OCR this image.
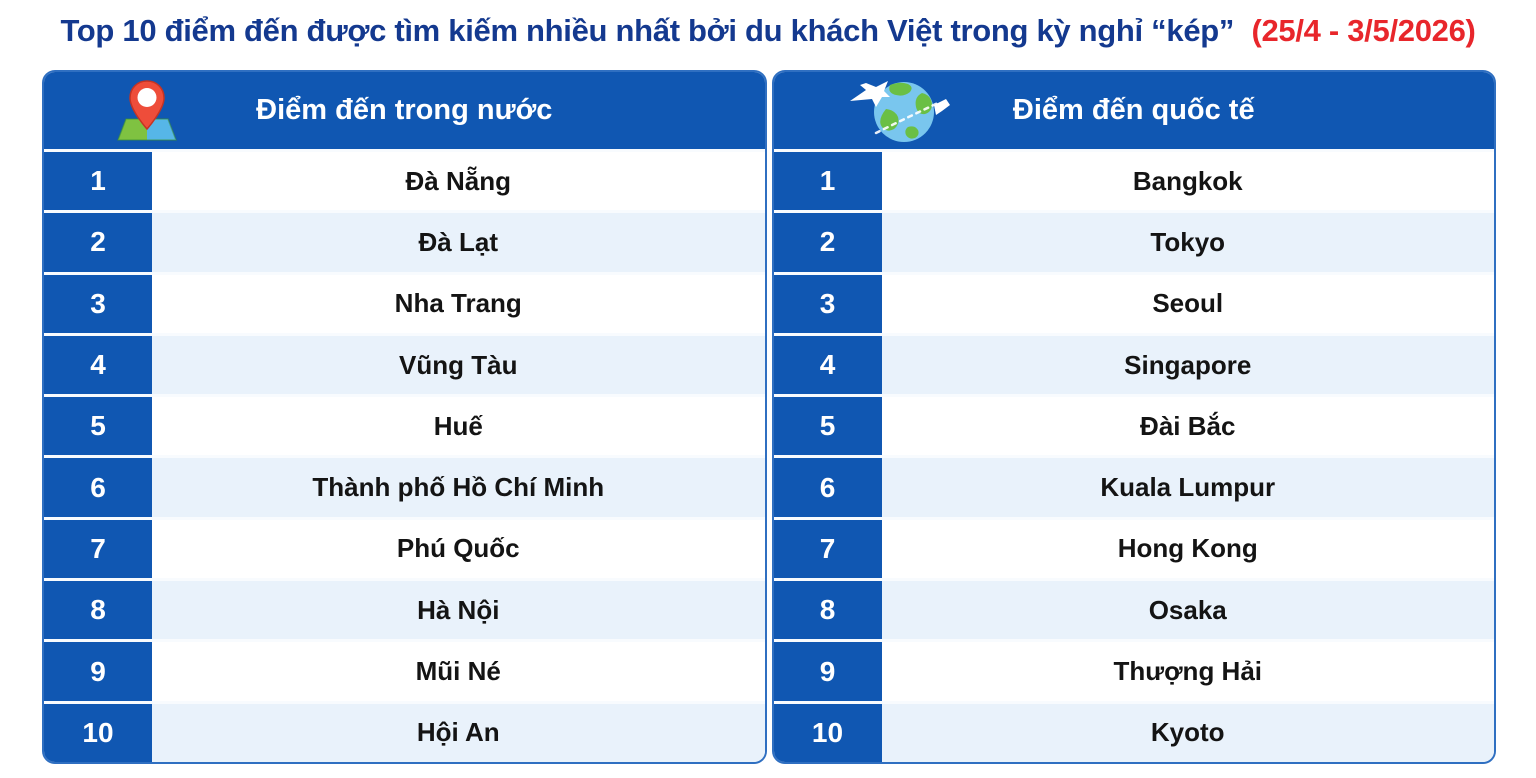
Top 10 điểm đến được tìm kiếm nhiều nhất bởi du khách Việt trong kỳ nghỉ “kép” (25/4 - 3/5/2026)
Điểm đến trong nước
1	Đà Nẵng
2	Đà Lạt
3	Nha Trang
4	Vũng Tàu
5	Huế
6	Thành phố Hồ Chí Minh
7	Phú Quốc
8	Hà Nội
9	Mũi Né
10	Hội An
Điểm đến quốc tế
1	Bangkok
2	Tokyo
3	Seoul
4	Singapore
5	Đài Bắc
6	Kuala Lumpur
7	Hong Kong
8	Osaka
9	Thượng Hải
10	Kyoto
